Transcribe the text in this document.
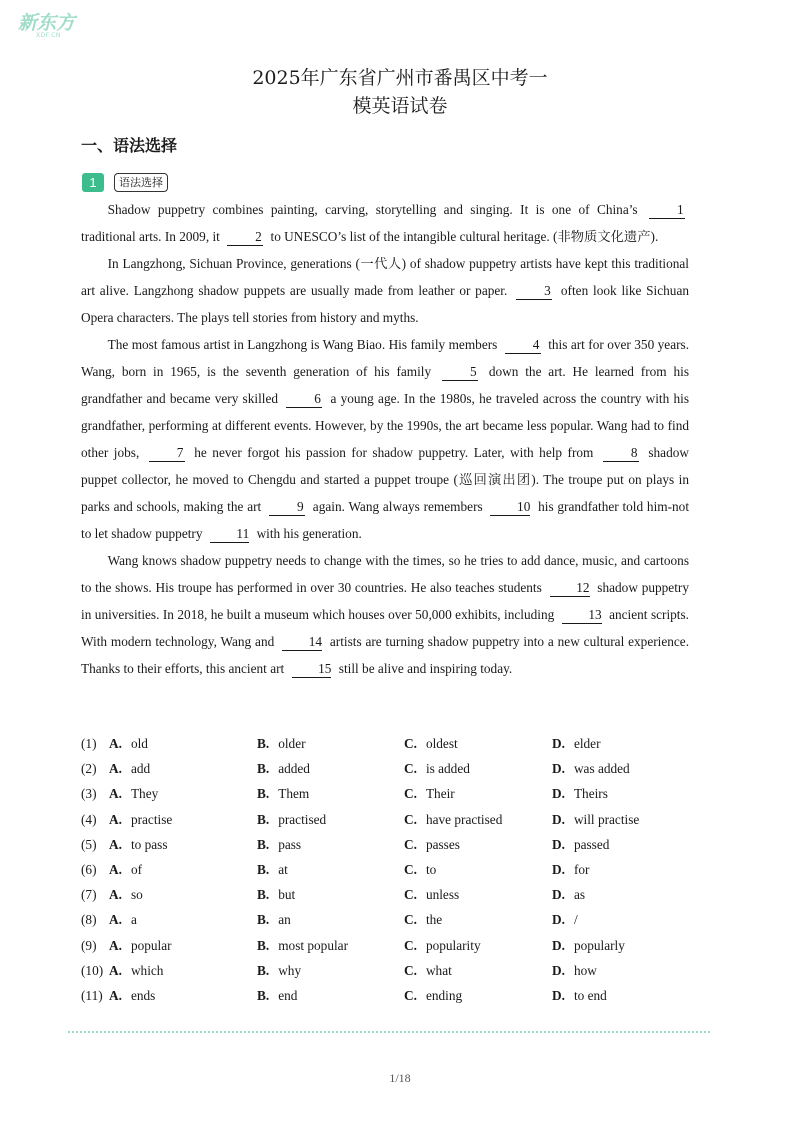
新东方
XDF.CN
2025年广东省广州市番禺区中考一
模英语试卷
一、语法选择
1	语法选择

Shadow puppetry combines painting, carving, storytelling and singing. It is one of China’s	1 traditional arts. In 2009, it	2 to UNESCO’s list of the intangible cultural heritage. (非物质文化遗产).

In Langzhong, Sichuan Province, generations (一代人) of shadow puppetry artists have kept this traditional art alive. Langzhong shadow puppets are usually made from leather or paper.	3 often look like Sichuan Opera characters. The plays tell stories from history and myths.

The most famous artist in Langzhong is Wang Biao. His family members	4 this art for over 350 years. Wang, born in 1965, is the seventh generation of his family	5 down the art. He learned from his grandfather and became very skilled	6 a young age. In the 1980s, he traveled across the country with his grandfather, performing at different events. However, by the 1990s, the art became less popular. Wang had to find other jobs,	7 he never forgot his passion for shadow puppetry. Later, with help from	8 shadow puppet collector, he moved to Chengdu and started a puppet troupe (巡回演出团). The troupe put on plays in parks and schools, making the art	9 again. Wang always remembers	10 his grandfather told him-not to let shadow puppetry	11 with his generation.

Wang knows shadow puppetry needs to change with the times, so he tries to add dance, music, and cartoons to the shows. His troupe has performed in over 30 countries. He also teaches students	12 shadow puppetry in universities. In 2018, he built a museum which houses over 50,000 exhibits, including	13 ancient scripts. With modern technology, Wang and	14 artists are turning shadow puppetry into a new cultural experience. Thanks to their efforts, this ancient art	15 still be alive and inspiring today.

(1) A. old	B. older	C. oldest	D. elder
(2) A. add	B. added	C. is added	D. was added
(3) A. They	B. Them	C. Their	D. Theirs
(4) A. practise	B. practised	C. have practised	D. will practise
(5) A. to pass	B. pass	C. passes	D. passed
(6) A. of	B. at	C. to	D. for
(7) A. so	B. but	C. unless	D. as
(8) A. a	B. an	C. the	D. /
(9) A. popular	B. most popular	C. popularity	D. popularly
(10) A. which	B. why	C. what	D. how
(11) A. ends	B. end	C. ending	D. to end
1/18
